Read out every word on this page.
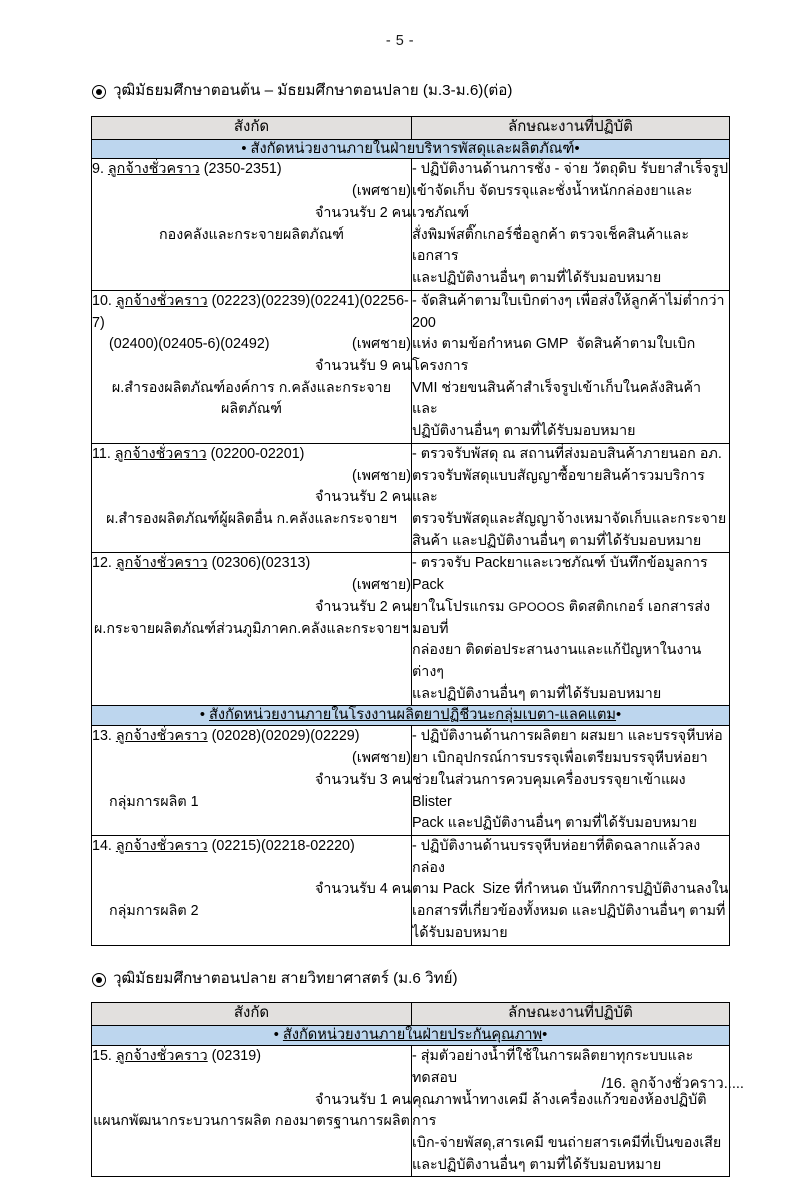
- 5 -
วุฒิมัธยมศึกษาตอนต้น – มัธยมศึกษาตอนปลาย (ม.3-ม.6)(ต่อ)
สังกัด	ลักษณะงานที่ปฏิบัติ
• สังกัดหน่วยงานภายในฝ่ายบริหารพัสดุและผลิตภัณฑ์•	

9. ลูกจ้างชั่วคราว (2350-2351)
(เพศชาย)
จำนวนรับ 2 คน
กองคลังและกระจายผลิตภัณฑ์	- ปฏิบัติงานด้านการชั่ง - จ่าย วัตถุดิบ รับยาสำเร็จรูป
เข้าจัดเก็บ จัดบรรจุและชั่งน้ำหนักกล่องยาและเวชภัณฑ์
สั่งพิมพ์สติ๊กเกอร์ชื่อลูกค้า ตรวจเช็คสินค้าและเอกสาร
และปฏิบัติงานอื่นๆ ตามที่ได้รับมอบหมาย

10. ลูกจ้างชั่วคราว (02223)(02239)(02241)(02256-7)
(02400)(02405-6)(02492) (เพศชาย)
จำนวนรับ 9 คน
ผ.สำรองผลิตภัณฑ์องค์การ ก.คลังและกระจายผลิตภัณฑ์	- จัดสินค้าตามใบเบิกต่างๆ เพื่อส่งให้ลูกค้าไม่ต่ำกว่า 200
แห่ง ตามข้อกำหนด GMP  จัดสินค้าตามใบเบิกโครงการ
VMI ช่วยขนสินค้าสำเร็จรูปเข้าเก็บในคลังสินค้า และ
ปฏิบัติงานอื่นๆ ตามที่ได้รับมอบหมาย

11. ลูกจ้างชั่วคราว (02200-02201)
(เพศชาย)
จำนวนรับ 2 คน
ผ.สำรองผลิตภัณฑ์ผู้ผลิตอื่น ก.คลังและกระจายฯ	- ตรวจรับพัสดุ ณ สถานที่ส่งมอบสินค้าภายนอก อภ.
ตรวจรับพัสดุแบบสัญญาซื้อขายสินค้ารวมบริการและ
ตรวจรับพัสดุและสัญญาจ้างเหมาจัดเก็บและกระจาย
สินค้า และปฏิบัติงานอื่นๆ ตามที่ได้รับมอบหมาย

12. ลูกจ้างชั่วคราว (02306)(02313)
(เพศชาย)
จำนวนรับ 2 คน
ผ.กระจายผลิตภัณฑ์ส่วนภูมิภาคก.คลังและกระจายฯ	- ตรวจรับ Packยาและเวชภัณฑ์ บันทึกข้อมูลการ Pack
ยาในโปรแกรม GPOOOS ติดสติกเกอร์ เอกสารส่งมอบที่
กล่องยา ติดต่อประสานงานและแก้ปัญหาในงานต่างๆ
และปฏิบัติงานอื่นๆ ตามที่ได้รับมอบหมาย

• สังกัดหน่วยงานภายในโรงงานผลิตยาปฏิชีวนะกลุ่มเบตา-แลคแตม•	

13. ลูกจ้างชั่วคราว (02028)(02029)(02229)
(เพศชาย)
จำนวนรับ 3 คน
กลุ่มการผลิต 1	- ปฏิบัติงานด้านการผลิตยา ผสมยา และบรรจุหีบห่อ
ยา เบิกอุปกรณ์การบรรจุเพื่อเตรียมบรรจุหีบห่อยา
ช่วยในส่วนการควบคุมเครื่องบรรจุยาเข้าแผง Blister
Pack และปฏิบัติงานอื่นๆ ตามที่ได้รับมอบหมาย

14. ลูกจ้างชั่วคราว (02215)(02218-02220)
จำนวนรับ 4 คน
กลุ่มการผลิต 2	- ปฏิบัติงานด้านบรรจุหีบห่อยาที่ติดฉลากแล้วลงกล่อง
ตาม Pack  Size ที่กำหนด บันทึกการปฏิบัติงานลงใน
เอกสารที่เกี่ยวข้องทั้งหมด และปฏิบัติงานอื่นๆ ตามที่
ได้รับมอบหมาย
วุฒิมัธยมศึกษาตอนปลาย สายวิทยาศาสตร์ (ม.6 วิทย์)
สังกัด	ลักษณะงานที่ปฏิบัติ
• สังกัดหน่วยงานภายในฝ่ายประกันคุณภาพ•	

15. ลูกจ้างชั่วคราว (02319)
จำนวนรับ 1 คน
แผนกพัฒนากระบวนการผลิต กองมาตรฐานการผลิต	- สุ่มตัวอย่างน้ำที่ใช้ในการผลิตยาทุกระบบและทดสอบ
คุณภาพน้ำทางเคมี ล้างเครื่องแก้วของห้องปฏิบัติการ
เบิก-จ่ายพัสดุ,สารเคมี ขนถ่ายสารเคมีที่เป็นของเสีย
และปฏิบัติงานอื่นๆ ตามที่ได้รับมอบหมาย
/16. ลูกจ้างชั่วคราว.....
